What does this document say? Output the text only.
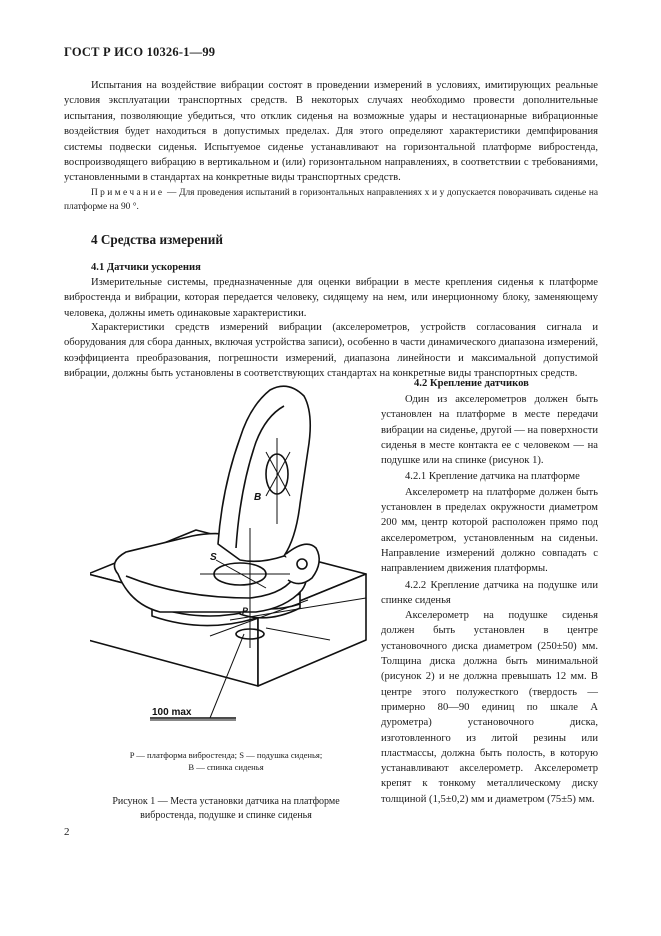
ГОСТ Р ИСО 10326-1—99

Испытания на воздействие вибрации состоят в проведении измерений в условиях, имитирующих реальные условия эксплуатации транспортных средств. В некоторых случаях необходимо провести дополнительные испытания, позволяющие убедиться, что отклик сиденья на возможные удары и нестационарные вибрационные воздействия будет находиться в допустимых пределах. Для этого определяют характеристики демпфирования системы подвески сиденья. Испытуемое сиденье устанавливают на горизонтальной платформе вибростенда, воспроизводящего вибрацию в вертикальном и (или) горизонтальном направлениях, в соответствии с требованиями, установленными в стандартах на конкретные виды транспортных средств.

Примечание — Для проведения испытаний в горизонтальных направлениях x и y допускается поворачивать сиденье на платформе на 90 °.
4 Средства измерений
4.1 Датчики ускорения

Измерительные системы, предназначенные для оценки вибрации в месте крепления сиденья к платформе вибростенда и вибрации, которая передается человеку, сидящему на нем, или инерционному блоку, заменяющему человека, должны иметь одинаковые характеристики.

Характеристики средств измерений вибрации (акселерометров, устройств согласования сигнала и оборудования для сбора данных, включая устройства записи), особенно в части динамического диапазона измерений, коэффициента преобразования, погрешности измерений, диапазона линейности и максимальной допустимой вибрации, должны быть установлены в соответствующих стандартах на конкретные виды транспортных средств.

4.2 Крепление датчиков

Один из акселерометров должен быть установлен на платформе в месте передачи вибрации на сиденье, другой — на поверхности сиденья в месте контакта ее с человеком — на подушке или на спинке (рисунок 1).

4.2.1 Крепление датчика на платформе

Акселерометр на платформе должен быть установлен в пределах окружности диаметром 200 мм, центр которой расположен прямо под акселерометром, установленным на сиденьи. Направление измерений должно совпадать с направлением движения платформы.

4.2.2 Крепление датчика на подушке или спинке сиденья

Акселерометр на подушке сиденья должен быть установлен в центре установочного диска диаметром (250±50) мм. Толщина диска должна быть минимальной (рисунок 2) и не должна превышать 12 мм. В центре этого полужесткого (твердость — примерно 80—90 единиц по шкале A дурометра) установочного диска, изготовленного из литой резины или пластмассы, должна быть полость, в которую устанавливают акселерометр. Акселерометр крепят к тонкому металлическому диску толщиной (1,5±0,2) мм и диаметром (75±5) мм.

B
S
P
100 max
P — платформа вибростенда; S — подушка сиденья;
B — спинка сиденья
Рисунок 1 — Места установки датчика на платформе вибростенда, подушке и спинке сиденья
2
